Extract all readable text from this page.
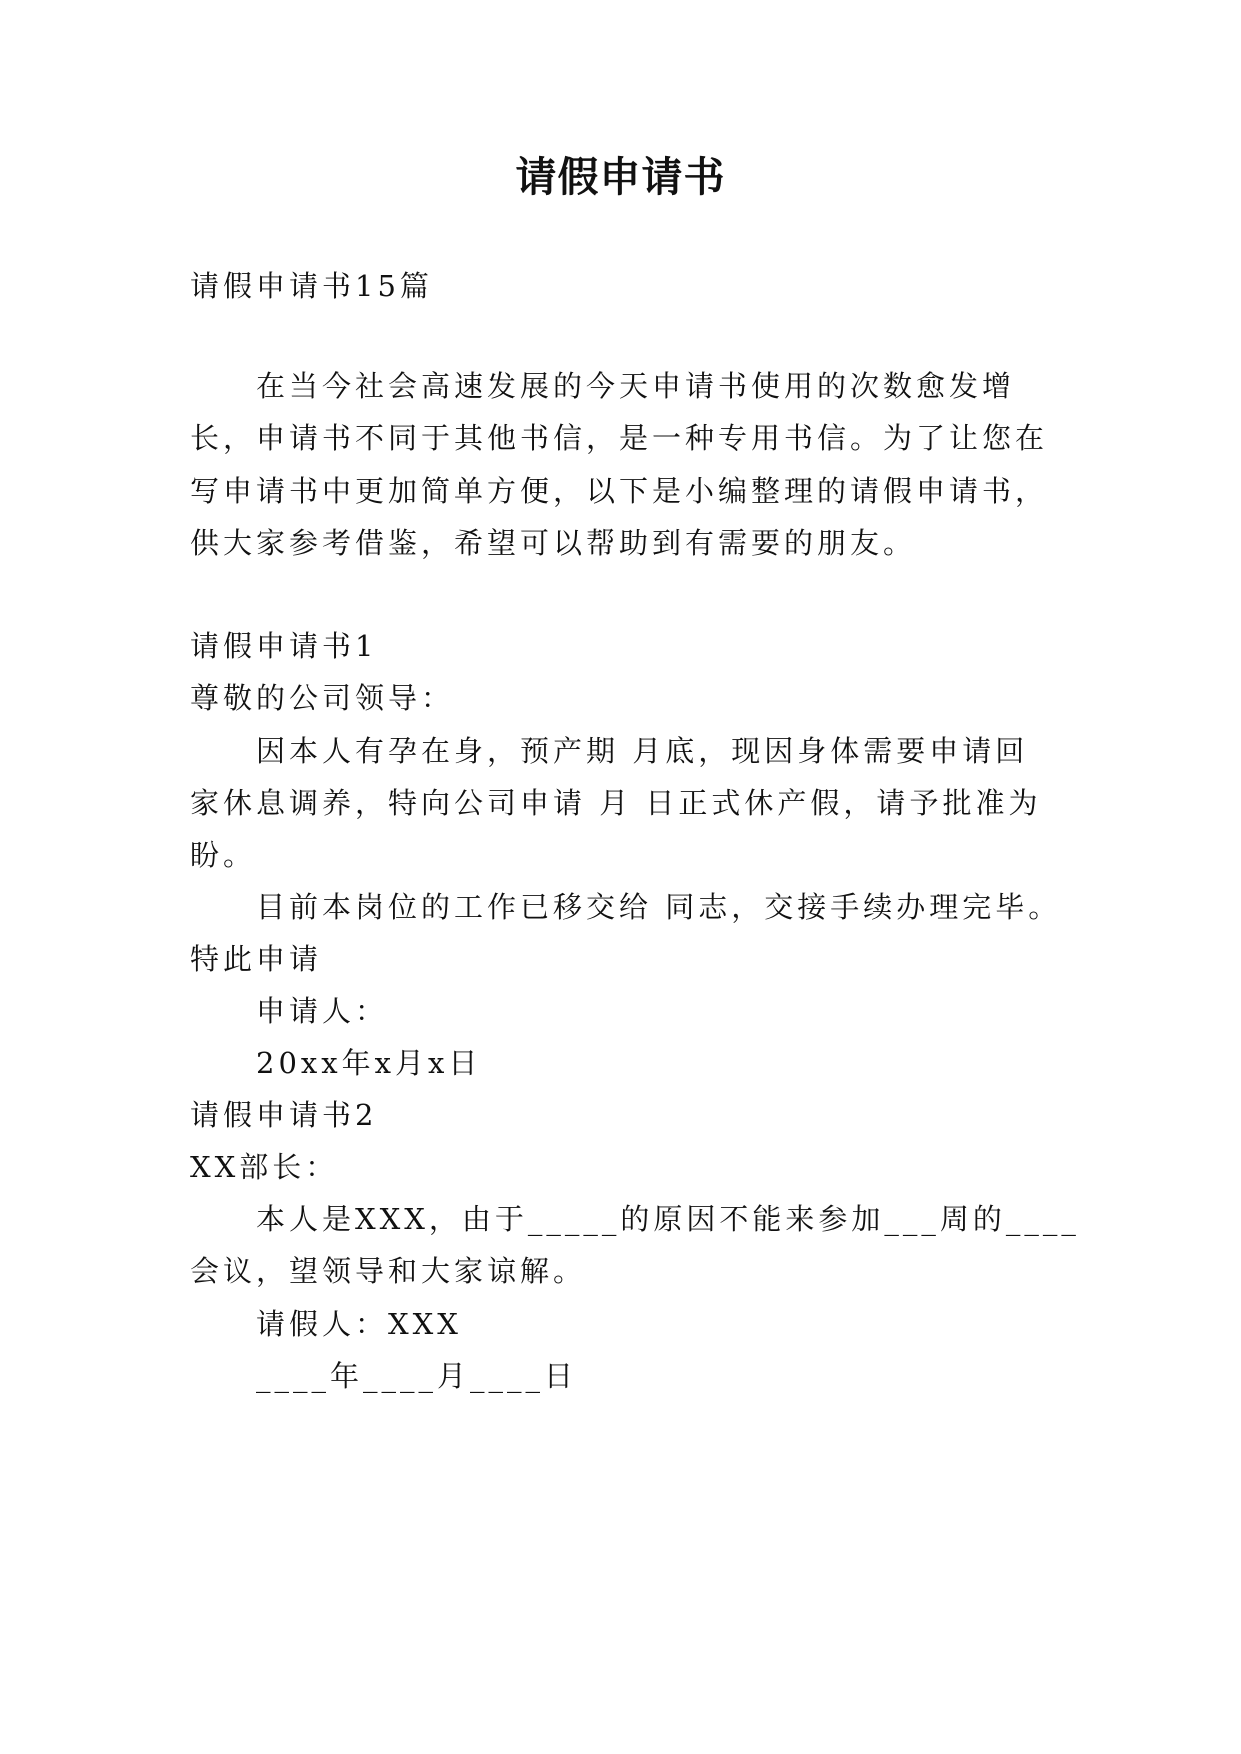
请假申请书
请假申请书15篇
在当今社会高速发展的今天申请书使用的次数愈发增
长，申请书不同于其他书信，是一种专用书信。为了让您在
写申请书中更加简单方便，以下是小编整理的请假申请书，
供大家参考借鉴，希望可以帮助到有需要的朋友。
请假申请书1
尊敬的公司领导：
因本人有孕在身，预产期 月底，现因身体需要申请回
家休息调养，特向公司申请 月 日正式休产假，请予批准为
盼。
目前本岗位的工作已移交给 同志，交接手续办理完毕。
特此申请
申请人：
20xx年x月x日
请假申请书2
XX部长：
本人是XXX，由于_____的原因不能来参加___周的____
会议，望领导和大家谅解。
请假人：XXX
____年____月____日
